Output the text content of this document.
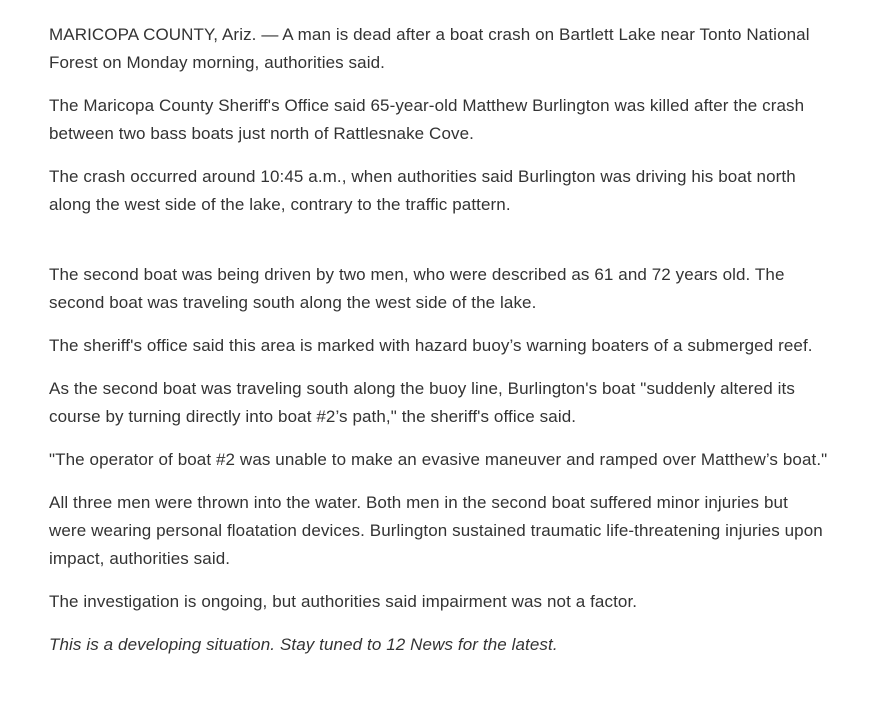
MARICOPA COUNTY, Ariz. — A man is dead after a boat crash on Bartlett Lake near Tonto National Forest on Monday morning, authorities said.

The Maricopa County Sheriff's Office said 65-year-old Matthew Burlington was killed after the crash between two bass boats just north of Rattlesnake Cove.

The crash occurred around 10:45 a.m., when authorities said Burlington was driving his boat north along the west side of the lake, contrary to the traffic pattern.

The second boat was being driven by two men, who were described as 61 and 72 years old. The second boat was traveling south along the west side of the lake.

The sheriff's office said this area is marked with hazard buoy’s warning boaters of a submerged reef.

As the second boat was traveling south along the buoy line, Burlington's boat "suddenly altered its course by turning directly into boat #2’s path," the sheriff's office said.

"The operator of boat #2 was unable to make an evasive maneuver and ramped over Matthew’s boat."

All three men were thrown into the water. Both men in the second boat suffered minor injuries but were wearing personal floatation devices. Burlington sustained traumatic life-threatening injuries upon impact, authorities said.

The investigation is ongoing, but authorities said impairment was not a factor.

This is a developing situation. Stay tuned to 12 News for the latest.
